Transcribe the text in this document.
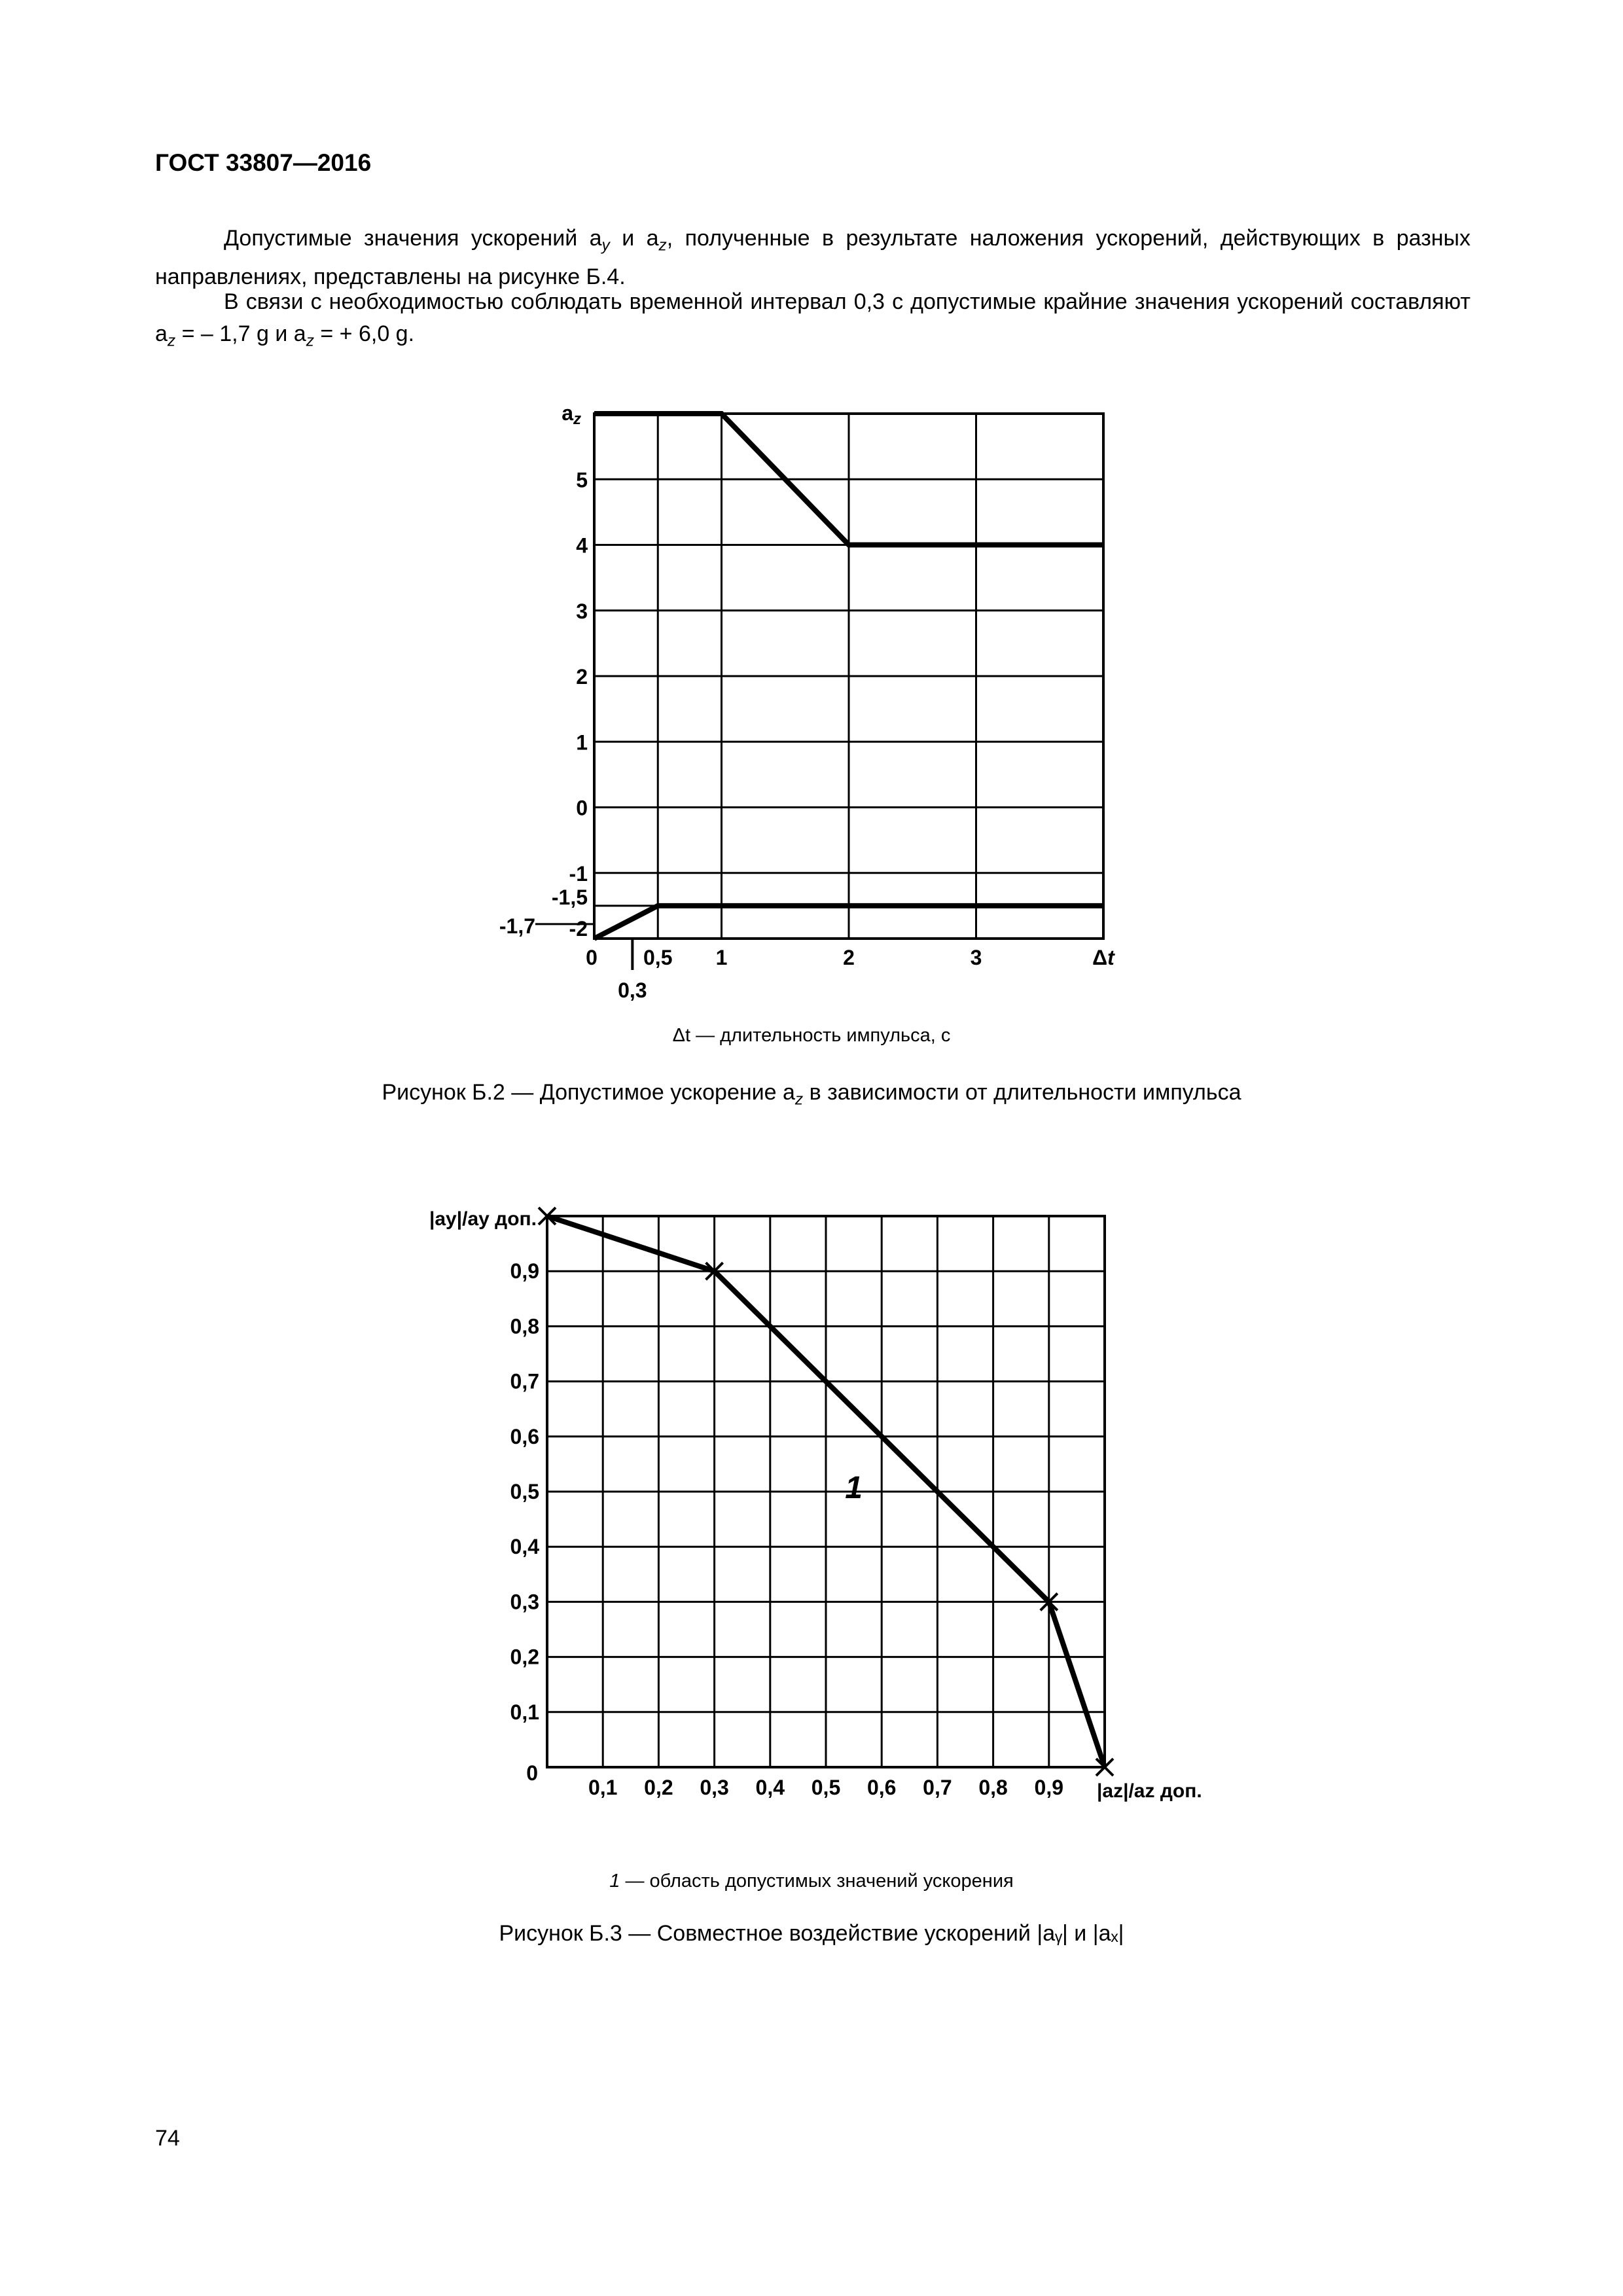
ГОСТ 33807—2016
Допустимые значения ускорений $a_y$ и $a_z$, полученные в результате наложения ускорений, действующих в разных направлениях, представлены на рисунке Б.4.
В связи с необходимостью соблюдать временной интервал 0,3 с допустимые крайние значения ускорений составляют $a_z$ = – 1,7 g и $a_z$ = + 6,0 g.
-2
-1,5
-1
0
1
2
3
4
5
-1,7
az
0 0,5 1	2	3
0,3
Δt
Δt — длительность импульса, с
Рисунок Б.2 — Допустимое ускорение $a_z$ в зависимости от длительности импульса
0,1
0,1
0,2
0,2
0,3
0,3
0,4
0,4
0,5
0,5
0,6
0,6
0,7
0,7
0,8
0,8
0,9
0,9
0
1
|ay|/ay доп.
|az|/az доп.
1 — область допустимых значений ускорения
Рисунок Б.3 — Совместное воздействие ускорений |aᵧ| и |aₓ|
74
